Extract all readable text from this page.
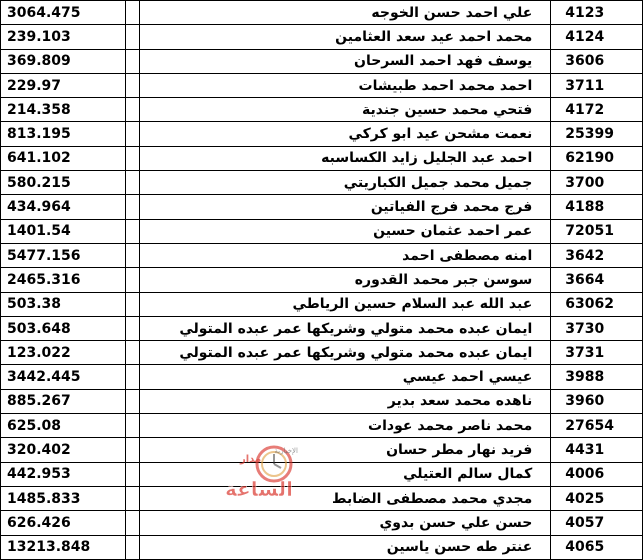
3064.475		علي احمد حسن الخوجه	4123
239.103		محمد احمد عيد سعد العثامين	4124
369.809		يوسف فهد احمد السرحان	3606
229.97		احمد محمد احمد طبيشات	3711
214.358		فتحي محمد حسين جندية	4172
813.195		نعمت مشحن عيد ابو كركي	25399
641.102		احمد عبد الجليل زايد الكساسبه	62190
580.215		جميل محمد جميل الكباريتي	3700
434.964		فرج محمد فرج الفياتين	4188
1401.54		عمر احمد عثمان حسين	72051
5477.156		امنه مصطفى احمد	3642
2465.316		سوسن جبر محمد القدوره	3664
503.38		عبد الله عبد السلام حسين الرياطي	63062
503.648		ايمان عبده محمد متولي وشريكها عمر عبده المتولي	3730
123.022		ايمان عبده محمد متولي وشريكها عمر عبده المتولي	3731
3442.445		عيسي احمد عيسي	3988
885.267		ناهده محمد سعد بدير	3960
625.08		محمد ناصر محمد عودات	27654
320.402		فريد نهار مطر حسان	4431
442.953		كمال سالم العتيلي	4006
1485.833		مجدي محمد مصطفى الضابط	4025
626.426		حسن علي حسن بدوي	4057
13213.848		عنتر طه حسن ياسين	4065
مدار
الساعة
الإخبارية
